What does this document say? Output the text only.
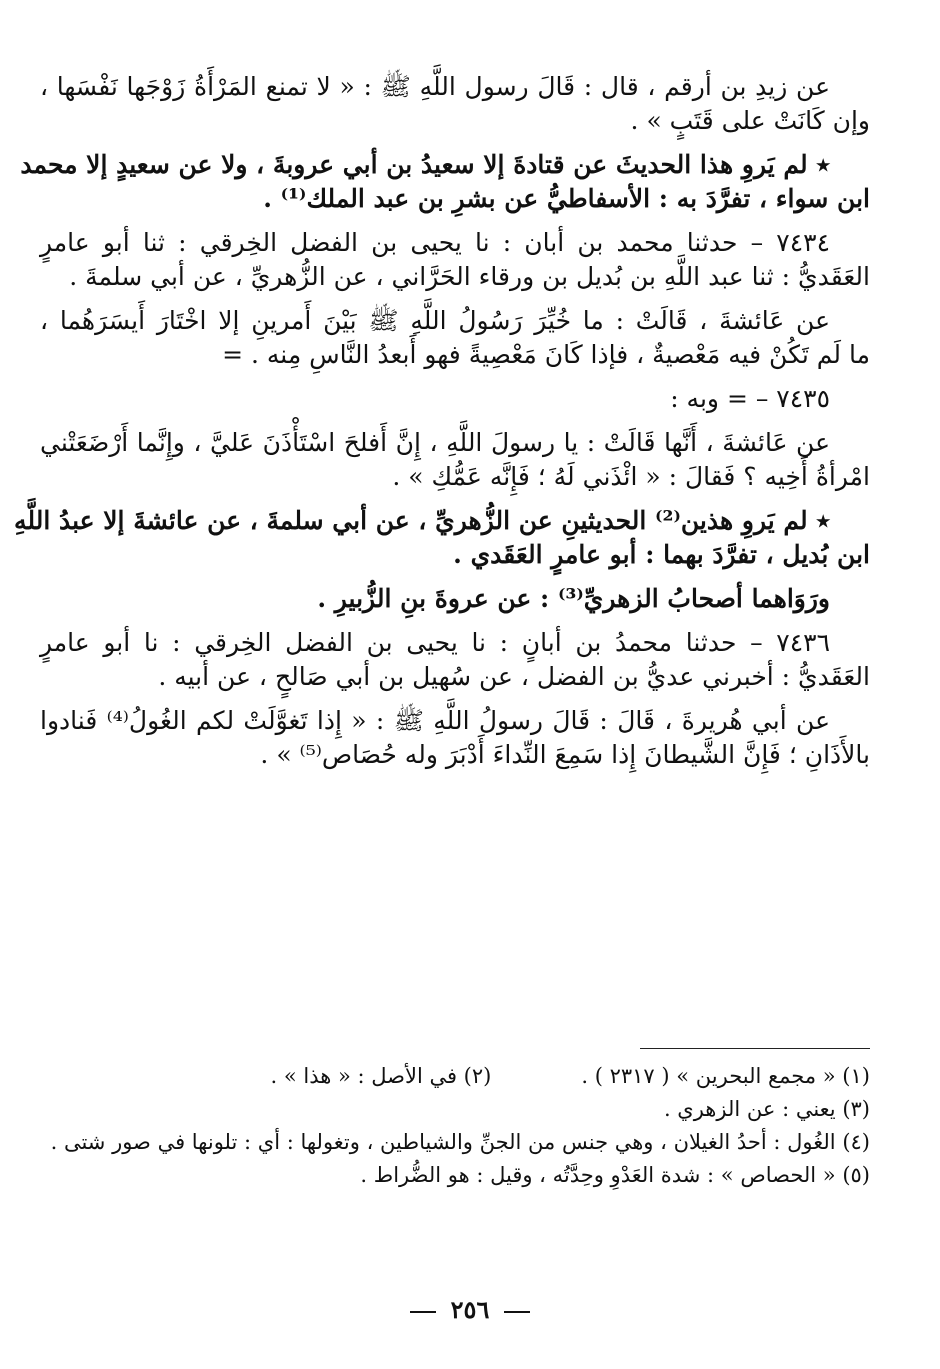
عن زيدِ بن أرقم ، قال : قَالَ رسول اللَّهِ ﷺ : « لا تمنع المَرْأَةُ زَوْجَها نَفْسَها ،
وإن كَانَتْ على قَتَبٍ » .
٭ لم يَروِ هذا الحديثَ عن قتادةَ إلا سعيدُ بن أبي عروبةَ ، ولا عن سعيدٍ إلا محمد
ابن سواء ، تفرَّدَ به : الأسفاطيُّ عن بشرِ بن عبد الملك⁽¹⁾ .
٧٤٣٤ – حدثنا محمد بن أبان : نا يحيى بن الفضل الخِرقي : ثنا أبو عامرٍ
العَقَديُّ : ثنا عبد اللَّهِ بن بُديل بن ورقاء الحَرَّاني ، عن الزُّهريِّ ، عن أبي سلمةَ .
عن عَائشةَ ، قَالَتْ : ما خُيِّرَ رَسُولُ اللَّهِ ﷺ بَيْنَ أَمرينِ إلا اخْتَارَ أَيسَرَهُما ،
ما لَم تَكُنْ فيه مَعْصيةٌ ، فإذا كَانَ مَعْصِيةً فهو أَبعدُ النَّاسِ مِنه . =
٧٤٣٥ – = وبه :
عن عَائشةَ ، أَنَّها قَالَتْ : يا رسولَ اللَّهِ ، إِنَّ أَفلحَ اسْتَأْذَنَ عَليَّ ، وإِنَّما أَرْضَعَتْني
امْرأةُ أَخِيه ؟ فَقالَ : « ائْذَني لَهُ ؛ فَإِنَّه عَمُّكِ » .
٭ لم يَروِ هذين⁽²⁾ الحديثينِ عن الزُّهريِّ ، عن أبي سلمةَ ، عن عائشةَ إلا عبدُ اللَّهِ
ابن بُديل ، تفرَّدَ بهما : أبو عامرٍ العَقَدي .
ورَوَاهما أصحابُ الزهريِّ⁽³⁾ : عن عروةَ بنِ الزُّبيرِ .
٧٤٣٦ – حدثنا محمدُ بن أبانٍ : نا يحيى بن الفضل الخِرقي : نا أبو عامرٍ
العَقَديُّ : أخبرني عديُّ بن الفضل ، عن سُهيل بن أبي صَالحٍ ، عن أبيه .
عن أبي هُريرةَ ، قَالَ : قَالَ رسولُ اللَّهِ ﷺ : « إِذا تَغوَّلَتْ لكم الغُولُ⁽⁴⁾ فَنادوا
بالأَذَانِ ؛ فَإِنَّ الشَّيطانَ إِذا سَمِعَ النِّداءَ أَدْبَرَ وله حُصَاص⁽⁵⁾ » .
(١) « مجمع البحرين » ( ٢٣١٧ ) .
(٢) في الأصل : « هذا » .
(٣) يعني : عن الزهري .
(٤) الغُول : أحدُ الغيلان ، وهي جنس من الجنِّ والشياطين ، وتغولها : أي : تلونها في صور شتى .
(٥) « الحصاص » : شدة العَدْوِ وحِدَّتُه ، وقيل : هو الضُّراط .
٢٥٦
